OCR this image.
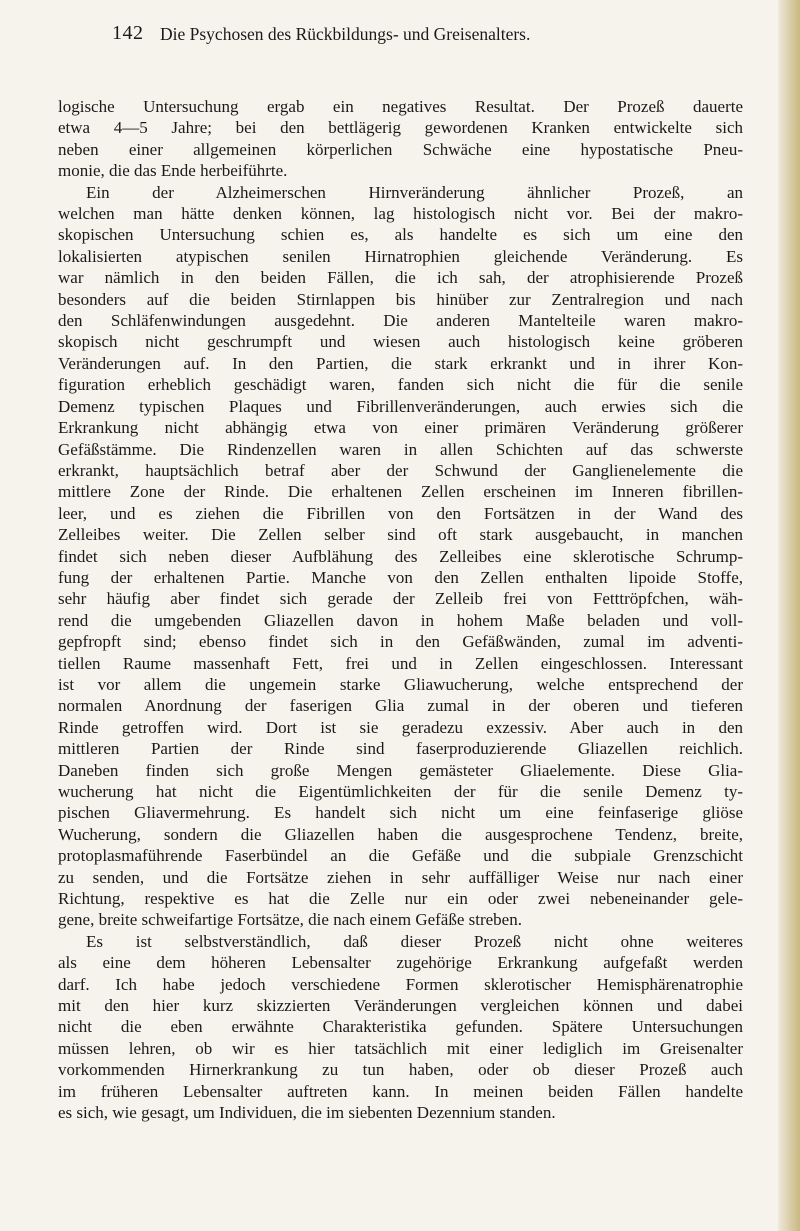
142 Die Psychosen des Rückbildungs- und Greisenalters.
logische Untersuchung ergab ein negatives Resultat. Der Prozeß dauerte
etwa 4—5 Jahre; bei den bettlägerig gewordenen Kranken entwickelte sich
neben einer allgemeinen körperlichen Schwäche eine hypostatische Pneu-
monie, die das Ende herbeiführte.
Ein der Alzheimerschen Hirnveränderung ähnlicher Prozeß, an
welchen man hätte denken können, lag histologisch nicht vor. Bei der makro-
skopischen Untersuchung schien es, als handelte es sich um eine den
lokalisierten atypischen senilen Hirnatrophien gleichende Veränderung. Es
war nämlich in den beiden Fällen, die ich sah, der atrophisierende Prozeß
besonders auf die beiden Stirnlappen bis hinüber zur Zentralregion und nach
den Schläfenwindungen ausgedehnt. Die anderen Mantelteile waren makro-
skopisch nicht geschrumpft und wiesen auch histologisch keine gröberen
Veränderungen auf. In den Partien, die stark erkrankt und in ihrer Kon-
figuration erheblich geschädigt waren, fanden sich nicht die für die senile
Demenz typischen Plaques und Fibrillenveränderungen, auch erwies sich die
Erkrankung nicht abhängig etwa von einer primären Veränderung größerer
Gefäßstämme. Die Rindenzellen waren in allen Schichten auf das schwerste
erkrankt, hauptsächlich betraf aber der Schwund der Ganglienelemente die
mittlere Zone der Rinde. Die erhaltenen Zellen erscheinen im Inneren fibrillen-
leer, und es ziehen die Fibrillen von den Fortsätzen in der Wand des
Zelleibes weiter. Die Zellen selber sind oft stark ausgebaucht, in manchen
findet sich neben dieser Aufblähung des Zelleibes eine sklerotische Schrump-
fung der erhaltenen Partie. Manche von den Zellen enthalten lipoide Stoffe,
sehr häufig aber findet sich gerade der Zelleib frei von Fetttröpfchen, wäh-
rend die umgebenden Gliazellen davon in hohem Maße beladen und voll-
gepfropft sind; ebenso findet sich in den Gefäßwänden, zumal im adventi-
tiellen Raume massenhaft Fett, frei und in Zellen eingeschlossen. Interessant
ist vor allem die ungemein starke Gliawucherung, welche entsprechend der
normalen Anordnung der faserigen Glia zumal in der oberen und tieferen
Rinde getroffen wird. Dort ist sie geradezu exzessiv. Aber auch in den
mittleren Partien der Rinde sind faserproduzierende Gliazellen reichlich.
Daneben finden sich große Mengen gemästeter Gliaelemente. Diese Glia-
wucherung hat nicht die Eigentümlichkeiten der für die senile Demenz ty-
pischen Gliavermehrung. Es handelt sich nicht um eine feinfaserige gliöse
Wucherung, sondern die Gliazellen haben die ausgesprochene Tendenz, breite,
protoplasmaführende Faserbündel an die Gefäße und die subpiale Grenzschicht
zu senden, und die Fortsätze ziehen in sehr auffälliger Weise nur nach einer
Richtung, respektive es hat die Zelle nur ein oder zwei nebeneinander gele-
gene, breite schweifartige Fortsätze, die nach einem Gefäße streben.
Es ist selbstverständlich, daß dieser Prozeß nicht ohne weiteres
als eine dem höheren Lebensalter zugehörige Erkrankung aufgefaßt werden
darf. Ich habe jedoch verschiedene Formen sklerotischer Hemisphärenatrophie
mit den hier kurz skizzierten Veränderungen vergleichen können und dabei
nicht die eben erwähnte Charakteristika gefunden. Spätere Untersuchungen
müssen lehren, ob wir es hier tatsächlich mit einer lediglich im Greisenalter
vorkommenden Hirnerkrankung zu tun haben, oder ob dieser Prozeß auch
im früheren Lebensalter auftreten kann. In meinen beiden Fällen handelte
es sich, wie gesagt, um Individuen, die im siebenten Dezennium standen.
